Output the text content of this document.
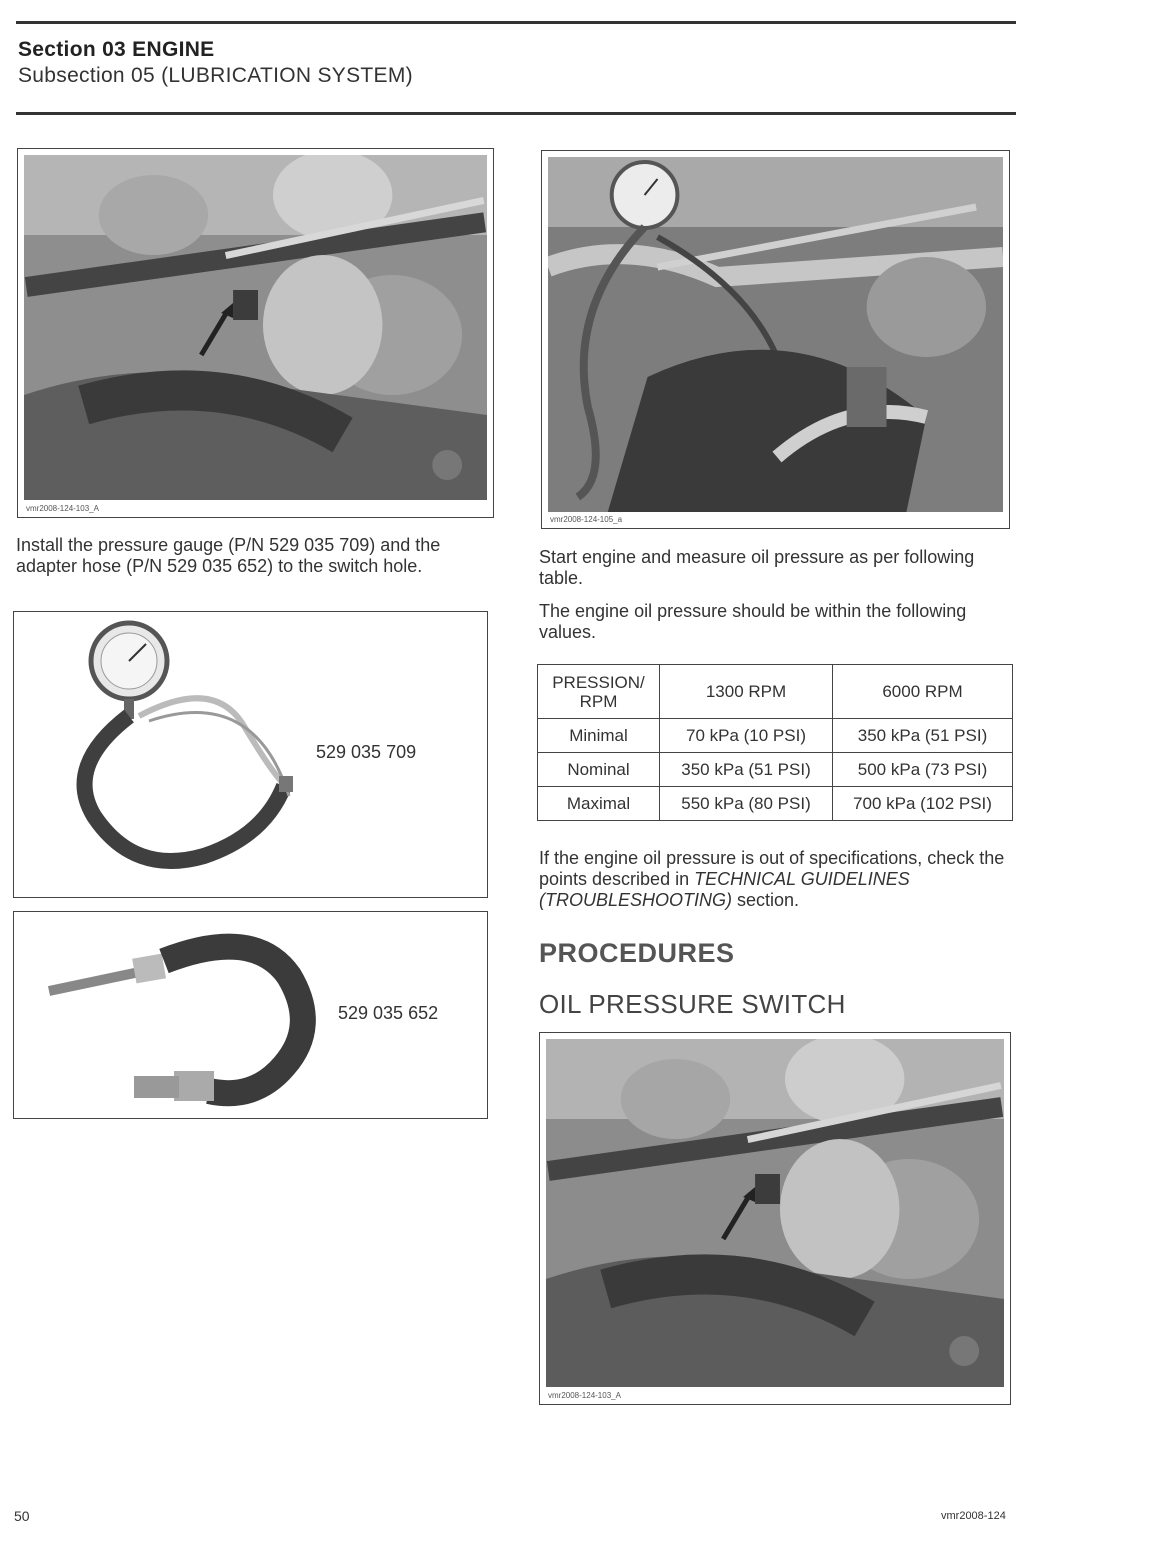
Section 03 ENGINE
Subsection 05 (LUBRICATION SYSTEM)
vmr2008-124-103_A
Install the pressure gauge (P/N 529 035 709) and the adapter hose (P/N 529 035 652) to the switch hole.
529 035 709
529 035 652
vmr2008-124-105_a
Start engine and measure oil pressure as per following table.
The engine oil pressure should be within the following values.
PRESSION/ RPM	1300 RPM	6000 RPM
Minimal	70 kPa (10 PSI)	350 kPa (51 PSI)
Nominal	350 kPa (51 PSI)	500 kPa (73 PSI)
Maximal	550 kPa (80 PSI)	700 kPa (102 PSI)
If the engine oil pressure is out of specifications, check the points described in TECHNICAL GUIDELINES (TROUBLESHOOTING) section.
PROCEDURES
OIL PRESSURE SWITCH
vmr2008-124-103_A
50	vmr2008-124
